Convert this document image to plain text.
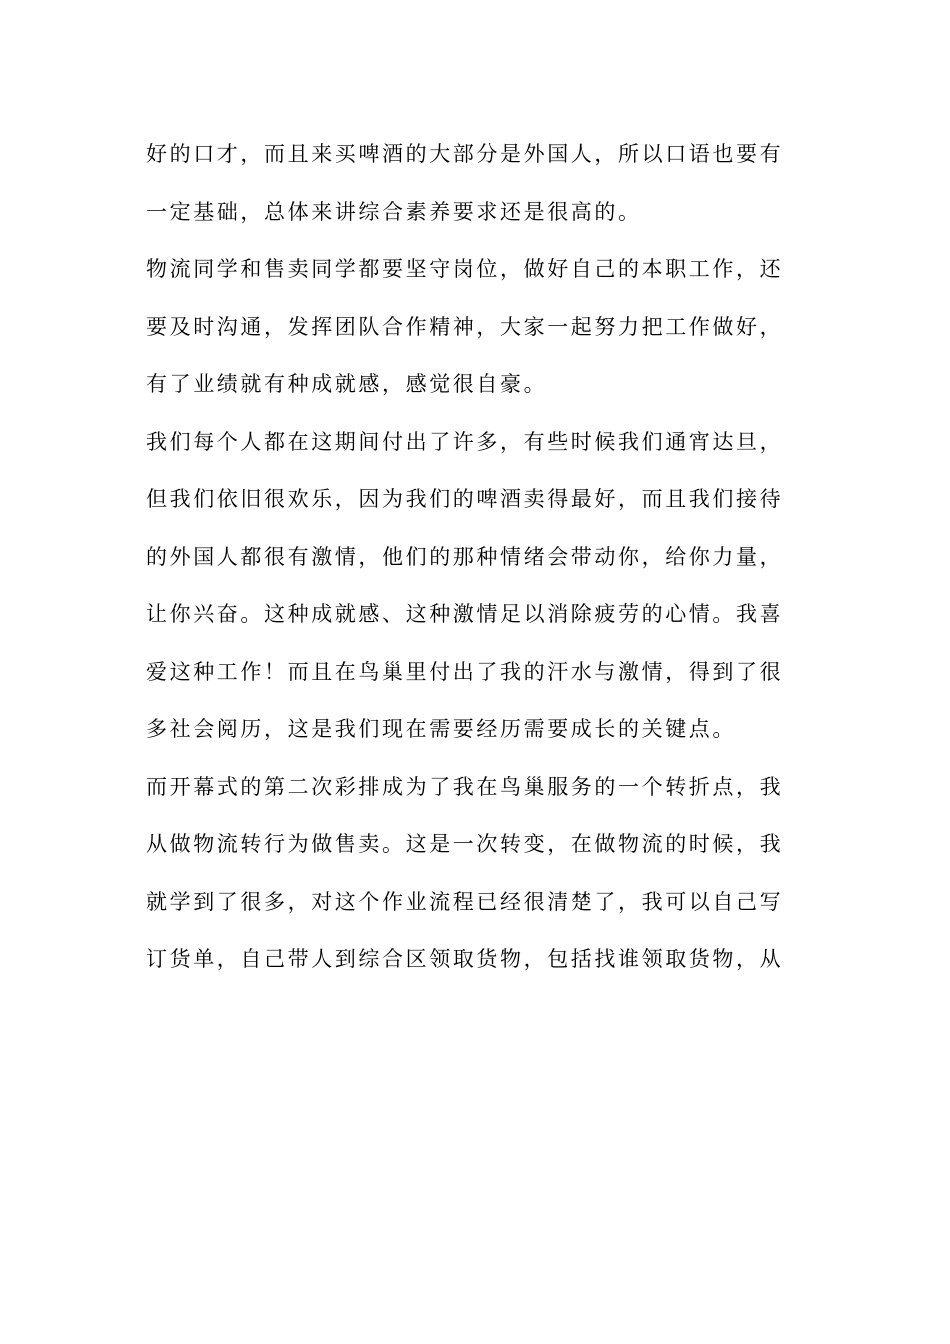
好的口才，而且来买啤酒的大部分是外国人，所以口语也要有
一定基础，总体来讲综合素养要求还是很高的。
物流同学和售卖同学都要坚守岗位，做好自己的本职工作，还
要及时沟通，发挥团队合作精神，大家一起努力把工作做好，
有了业绩就有种成就感，感觉很自豪。
我们每个人都在这期间付出了许多，有些时候我们通宵达旦，
但我们依旧很欢乐，因为我们的啤酒卖得最好，而且我们接待
的外国人都很有激情，他们的那种情绪会带动你，给你力量，
让你兴奋。这种成就感、这种激情足以消除疲劳的心情。我喜
爱这种工作！而且在鸟巢里付出了我的汗水与激情，得到了很
多社会阅历，这是我们现在需要经历需要成长的关键点。
而开幕式的第二次彩排成为了我在鸟巢服务的一个转折点，我
从做物流转行为做售卖。这是一次转变，在做物流的时候，我
就学到了很多，对这个作业流程已经很清楚了，我可以自己写
订货单，自己带人到综合区领取货物，包括找谁领取货物，从
